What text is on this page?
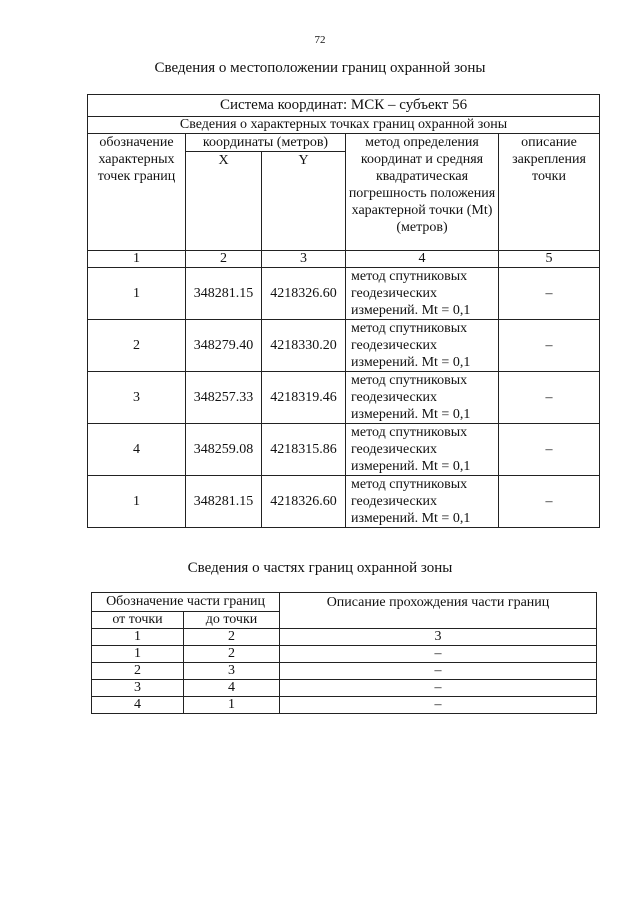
72
Сведения о местоположении границ охранной зоны
Система координат: МСК – субъект 56				
Сведения о характерных точках границ охранной зоны				
обозначение характерных точек границ	координаты (метров)		метод определения координат и средняя квадратическая погрешность положения характерной точки (Mt) (метров)	описание закрепления точки
	X	Y		
1	2	3	4	5
1	348281.15	4218326.60	метод спутниковых геодезических измерений. Mt = 0,1	–
2	348279.40	4218330.20	метод спутниковых геодезических измерений. Mt = 0,1	–
3	348257.33	4218319.46	метод спутниковых геодезических измерений. Mt = 0,1	–
4	348259.08	4218315.86	метод спутниковых геодезических измерений. Mt = 0,1	–
1	348281.15	4218326.60	метод спутниковых геодезических измерений. Mt = 0,1	–
Сведения о частях границ охранной зоны
Обозначение части границ		Описание прохождения части границ
от точки	до точки	
1	2	3
1	2	–
2	3	–
3	4	–
4	1	–
